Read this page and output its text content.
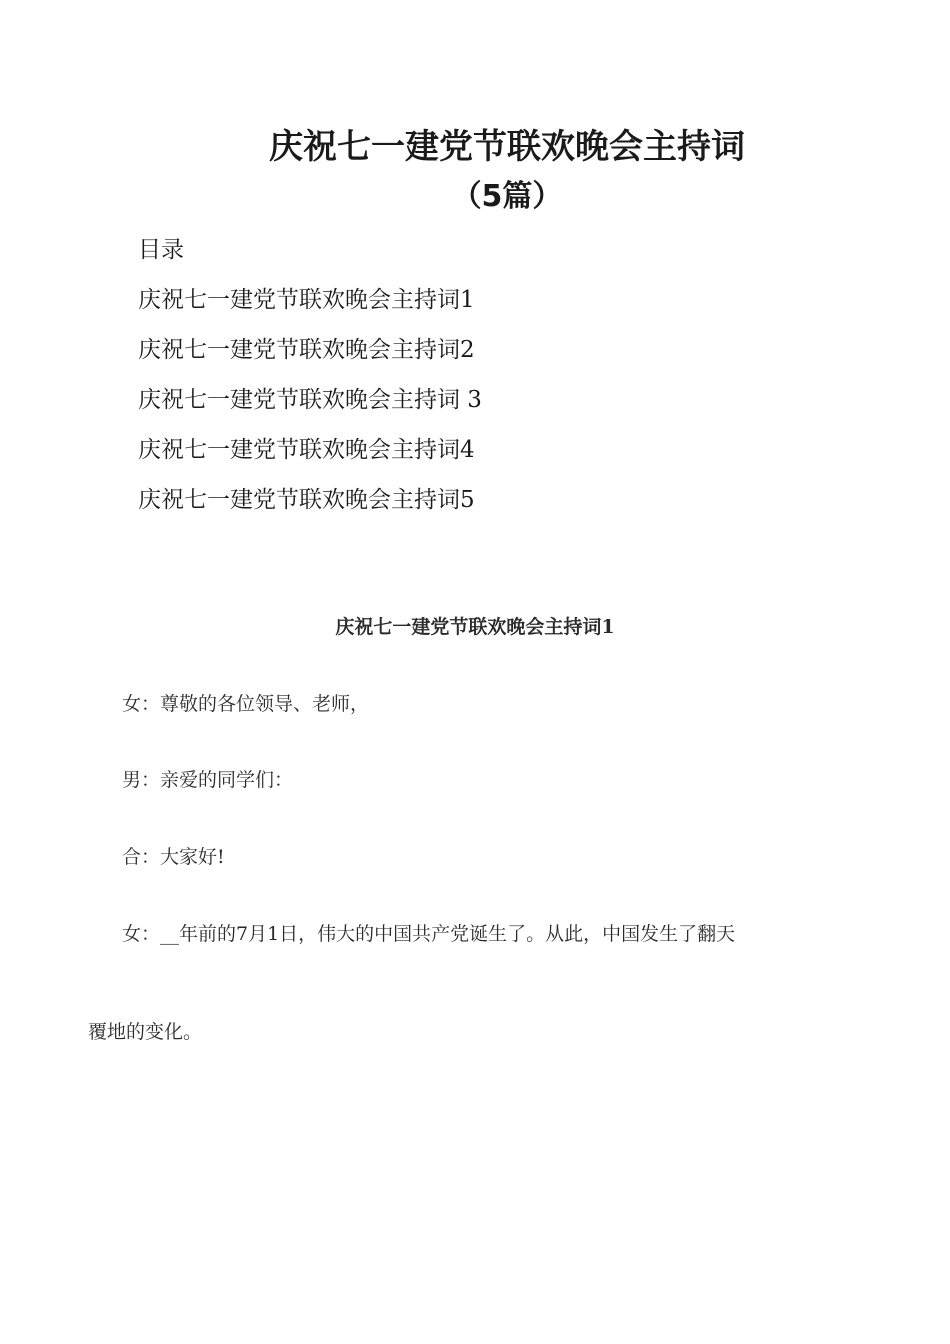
庆祝七一建党节联欢晚会主持词
（5篇）
目录
庆祝七一建党节联欢晚会主持词1
庆祝七一建党节联欢晚会主持词2
庆祝七一建党节联欢晚会主持词 3
庆祝七一建党节联欢晚会主持词4
庆祝七一建党节联欢晚会主持词5
庆祝七一建党节联欢晚会主持词1

女：尊敬的各位领导、老师，

男：亲爱的同学们：

合：大家好!

女：__年前的7月1日，伟大的中国共产党诞生了。从此，中国发生了翻天

覆地的变化。
